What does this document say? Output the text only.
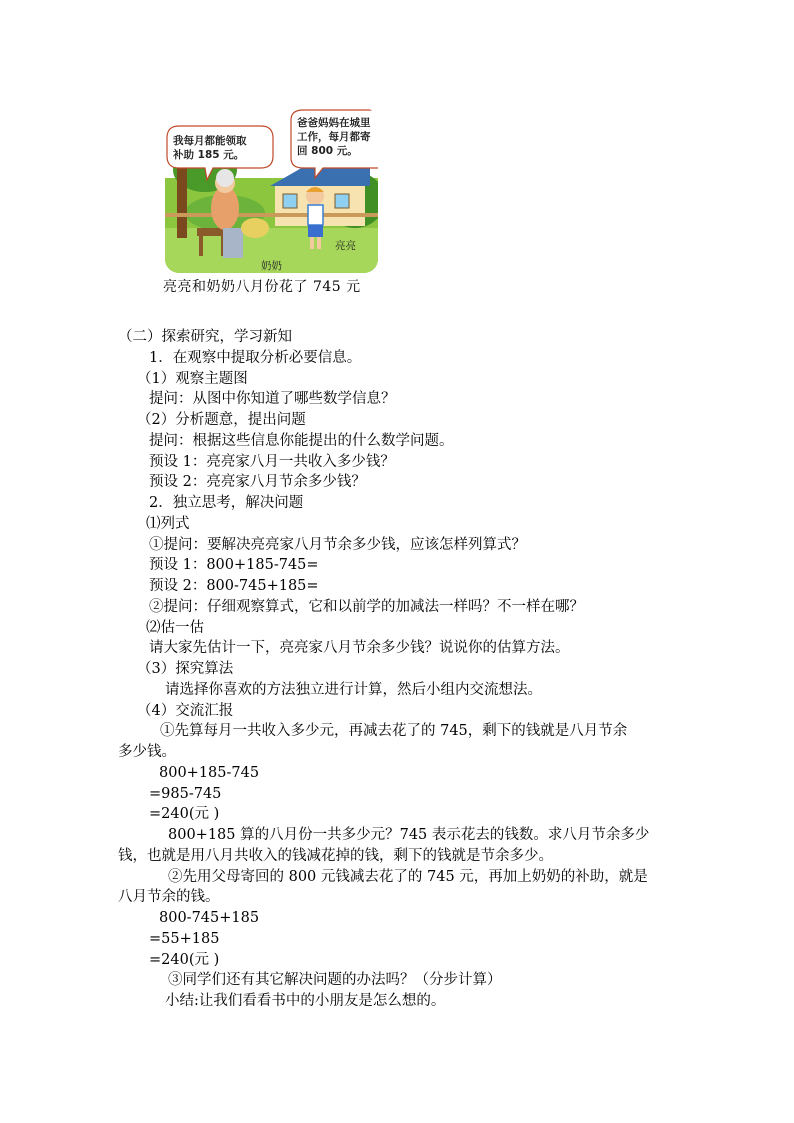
我每月都能领取
补助 185 元。
爸爸妈妈在城里
工作，每月都寄
回 800 元。
奶奶
亮亮
亮亮和奶奶八月份花了 745 元
（二）探索研究，学习新知
1．在观察中提取分析必要信息。
（1）观察主题图
提问：从图中你知道了哪些数学信息？
（2）分析题意，提出问题
提问：根据这些信息你能提出的什么数学问题。
预设 1：亮亮家八月一共收入多少钱？
预设 2：亮亮家八月节余多少钱？
2．独立思考，解决问题
⑴列式
①提问：要解决亮亮家八月节余多少钱，应该怎样列算式？
预设 1：800+185-745=
预设 2：800-745+185=
②提问：仔细观察算式，它和以前学的加减法一样吗？不一样在哪？
⑵估一估
请大家先估计一下，亮亮家八月节余多少钱？说说你的估算方法。
（3）探究算法
请选择你喜欢的方法独立进行计算，然后小组内交流想法。
（4）交流汇报
①先算每月一共收入多少元，再减去花了的 745，剩下的钱就是八月节余
多少钱。
800+185-745
=985-745
=240(元 )
800+185 算的八月份一共多少元？745 表示花去的钱数。求八月节余多少
钱，也就是用八月共收入的钱减花掉的钱，剩下的钱就是节余多少。
②先用父母寄回的 800 元钱减去花了的 745 元，再加上奶奶的补助，就是
八月节余的钱。
800-745+185
=55+185
=240(元 )
③同学们还有其它解决问题的办法吗？（分步计算）
小结:让我们看看书中的小朋友是怎么想的。
